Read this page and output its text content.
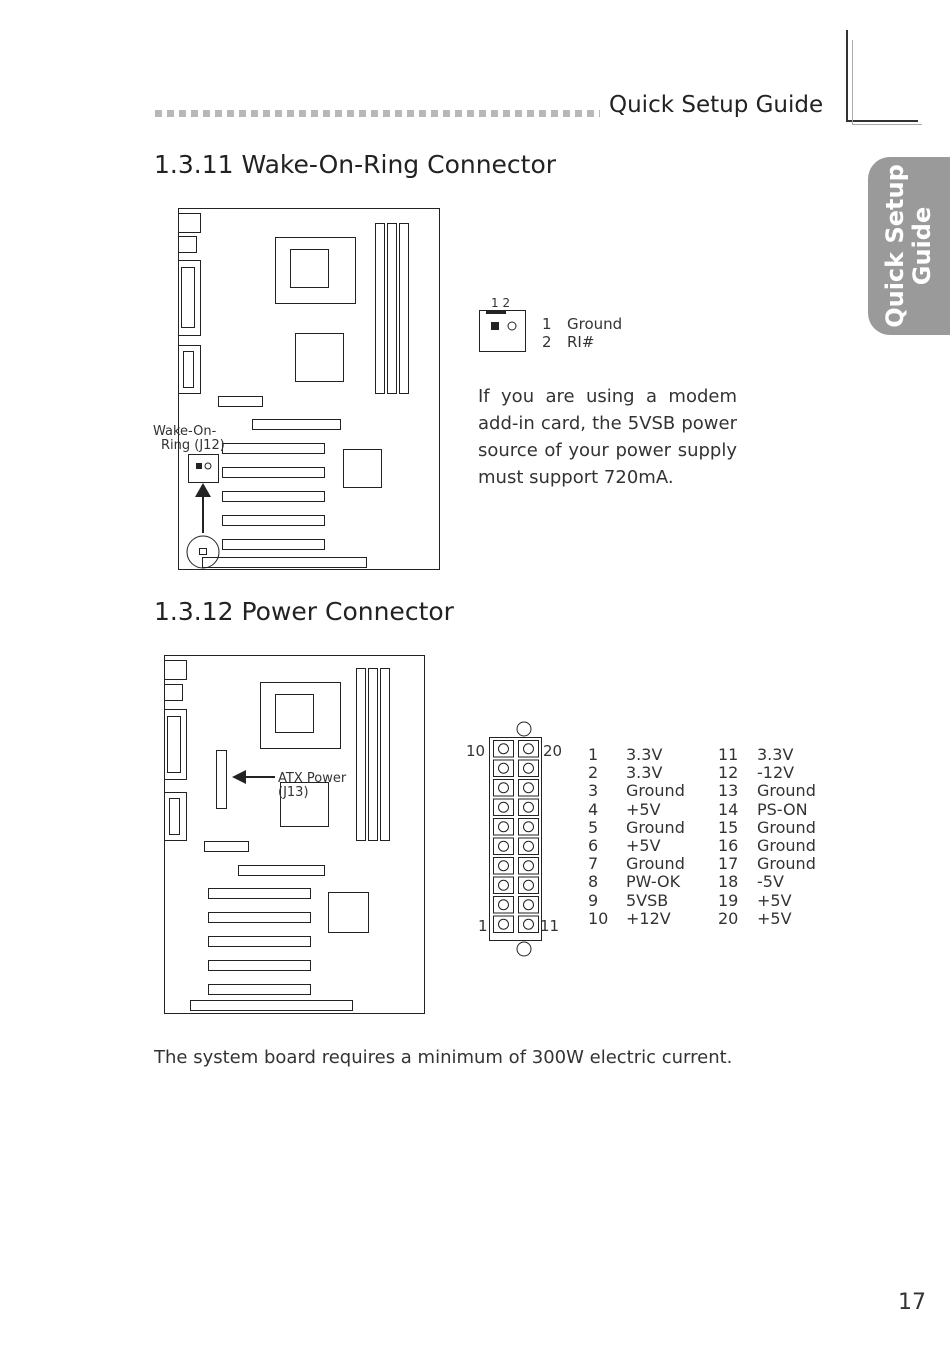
Quick Setup Guide
Quick Setup Guide
1.3.11 Wake-On-Ring Connector
Wake-On-
Ring (J12)
1 2
1	Ground
2	RI#
If you are using a modem add-in card, the 5VSB power source of your power supply must support 720mA.
1.3.12 Power Connector
ATX Power
(J13)
10	20
1	11
1	3.3V
2	3.3V
3	Ground
4	+5V
5	Ground
6	+5V
7	Ground
8	PW-OK
9	5VSB
10	+12V
11	3.3V
12	-12V
13	Ground
14	PS-ON
15	Ground
16	Ground
17	Ground
18	-5V
19	+5V
20	+5V
The system board requires a minimum of 300W electric current.
17
